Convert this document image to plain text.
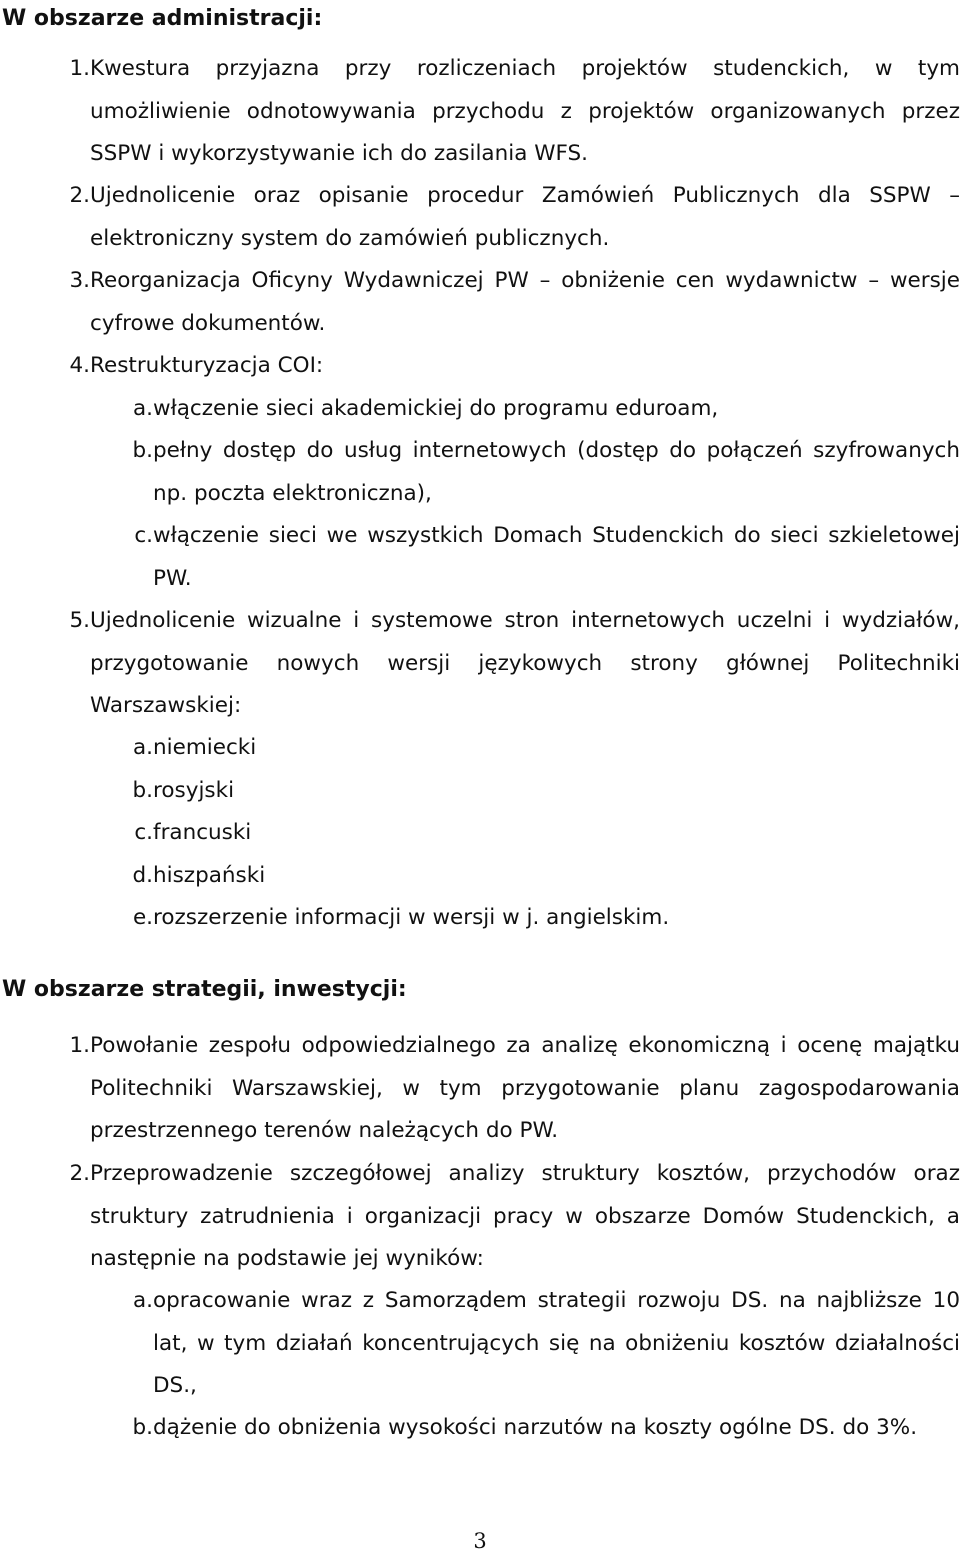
W obszarze administracji:
1. Kwestura przyjazna przy rozliczeniach projektów studenckich, w tym umożliwienie odnotowywania przychodu z projektów organizowanych przez SSPW i wykorzystywanie ich do zasilania WFS.
2. Ujednolicenie oraz opisanie procedur Zamówień Publicznych dla SSPW – elektroniczny system do zamówień publicznych.
3. Reorganizacja Oficyny Wydawniczej PW – obniżenie cen wydawnictw – wersje cyfrowe dokumentów.
4. Restrukturyzacja COI:
a. włączenie sieci akademickiej do programu eduroam,
b. pełny dostęp do usług internetowych (dostęp do połączeń szyfrowanych np. poczta elektroniczna),
c. włączenie sieci we wszystkich Domach Studenckich do sieci szkieletowej PW.
5. Ujednolicenie wizualne i systemowe stron internetowych uczelni i wydziałów, przygotowanie nowych wersji językowych strony głównej Politechniki Warszawskiej:
a. niemiecki
b. rosyjski
c. francuski
d. hiszpański
e. rozszerzenie informacji w wersji w j. angielskim.
W obszarze strategii, inwestycji:
1. Powołanie zespołu odpowiedzialnego za analizę ekonomiczną i ocenę majątku Politechniki Warszawskiej, w tym przygotowanie planu zagospodarowania przestrzennego terenów należących do PW.
2. Przeprowadzenie szczegółowej analizy struktury kosztów, przychodów oraz struktury zatrudnienia i organizacji pracy w obszarze Domów Studenckich, a następnie na podstawie jej wyników:
a. opracowanie wraz z Samorządem strategii rozwoju DS. na najbliższe 10 lat, w tym działań koncentrujących się na obniżeniu kosztów działalności DS.,
b. dążenie do obniżenia wysokości narzutów na koszty ogólne DS. do 3%.
3
